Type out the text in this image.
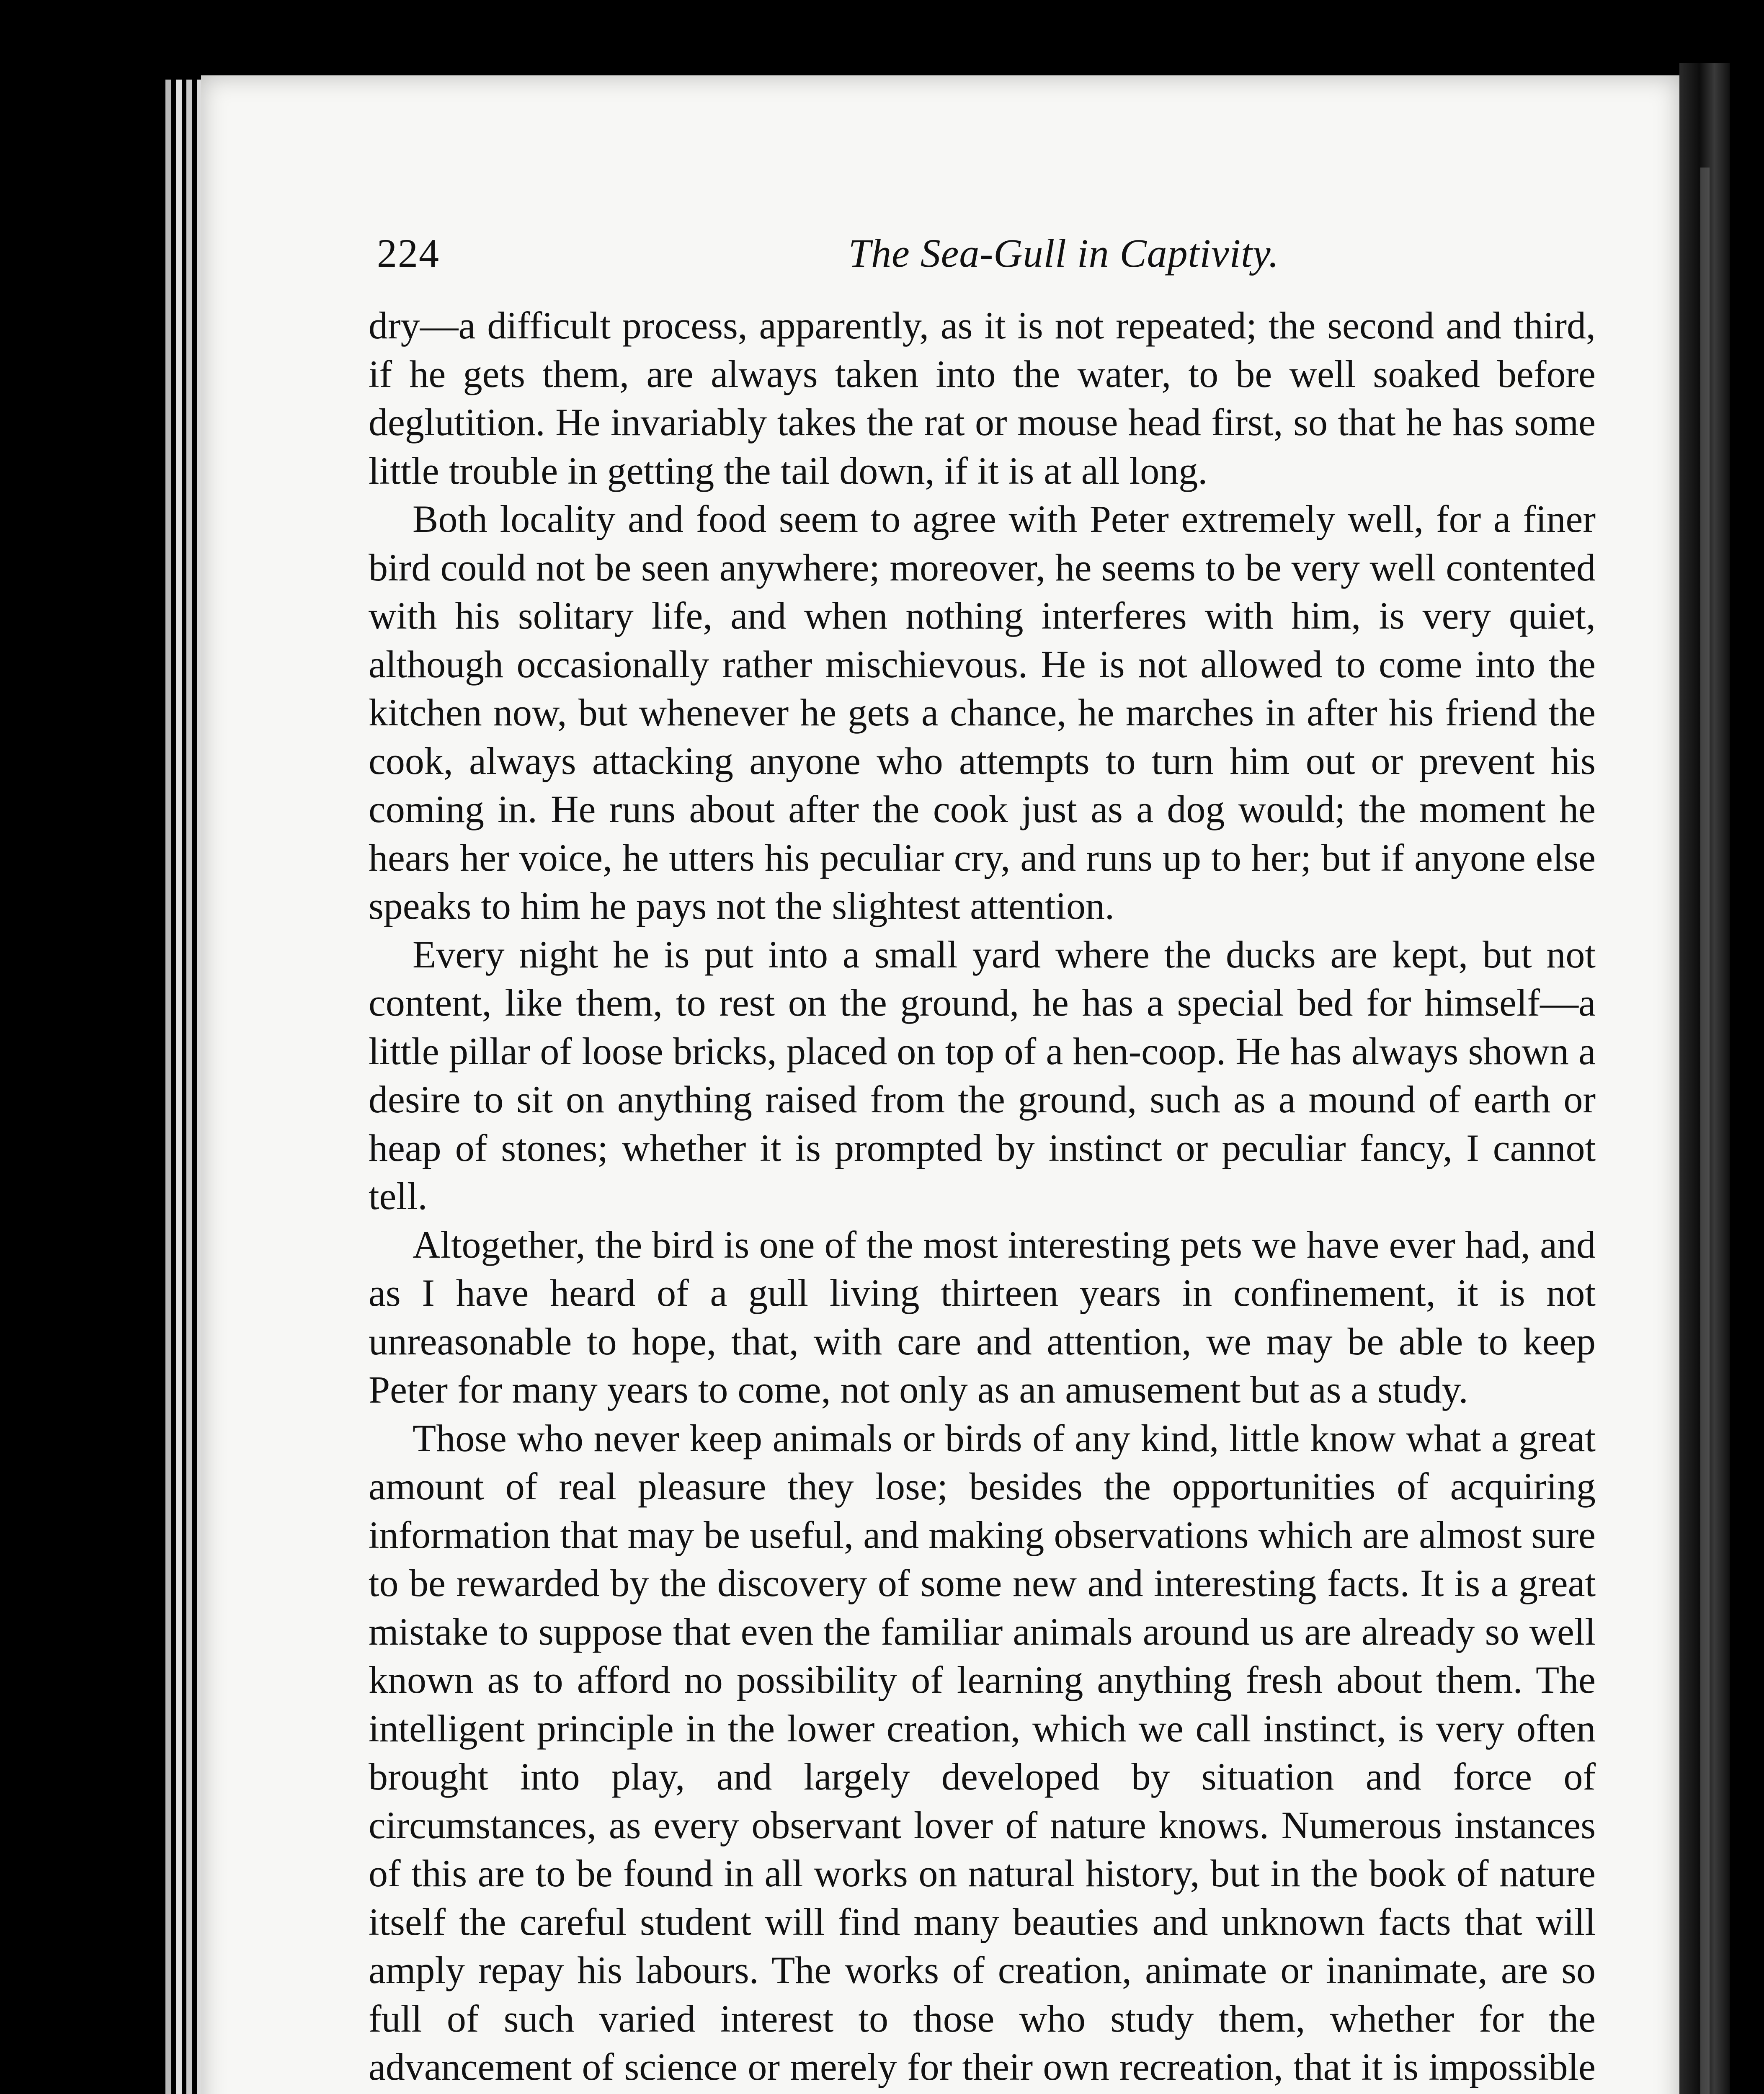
224	The Sea-Gull in Captivity.

dry—a difficult process, apparently, as it is not repeated; the second and third, if he gets them, are always taken into the water, to be well soaked before deglutition. He invariably takes the rat or mouse head first, so that he has some little trouble in getting the tail down, if it is at all long.

Both locality and food seem to agree with Peter extremely well, for a finer bird could not be seen anywhere; moreover, he seems to be very well contented with his solitary life, and when nothing interferes with him, is very quiet, although occasionally rather mischievous. He is not allowed to come into the kitchen now, but whenever he gets a chance, he marches in after his friend the cook, always attacking anyone who attempts to turn him out or prevent his coming in. He runs about after the cook just as a dog would; the moment he hears her voice, he utters his peculiar cry, and runs up to her; but if anyone else speaks to him he pays not the slightest attention.

Every night he is put into a small yard where the ducks are kept, but not content, like them, to rest on the ground, he has a special bed for himself—a little pillar of loose bricks, placed on top of a hen-coop. He has always shown a desire to sit on anything raised from the ground, such as a mound of earth or heap of stones; whether it is prompted by instinct or peculiar fancy, I cannot tell.

Altogether, the bird is one of the most interesting pets we have ever had, and as I have heard of a gull living thirteen years in confinement, it is not unreasonable to hope, that, with care and attention, we may be able to keep Peter for many years to come, not only as an amusement but as a study.

Those who never keep animals or birds of any kind, little know what a great amount of real pleasure they lose; besides the opportunities of acquiring information that may be useful, and making observations which are almost sure to be rewarded by the discovery of some new and interesting facts. It is a great mistake to suppose that even the familiar animals around us are already so well known as to afford no possibility of learning anything fresh about them. The intelligent principle in the lower creation, which we call instinct, is very often brought into play, and largely developed by situation and force of circumstances, as every observant lover of nature knows. Numerous instances of this are to be found in all works on natural history, but in the book of nature itself the careful student will find many beauties and unknown facts that will amply repay his labours. The works of creation, animate or inanimate, are so full of such varied interest to those who study them, whether for the advancement of science or merely for their own recreation, that it is impossible
